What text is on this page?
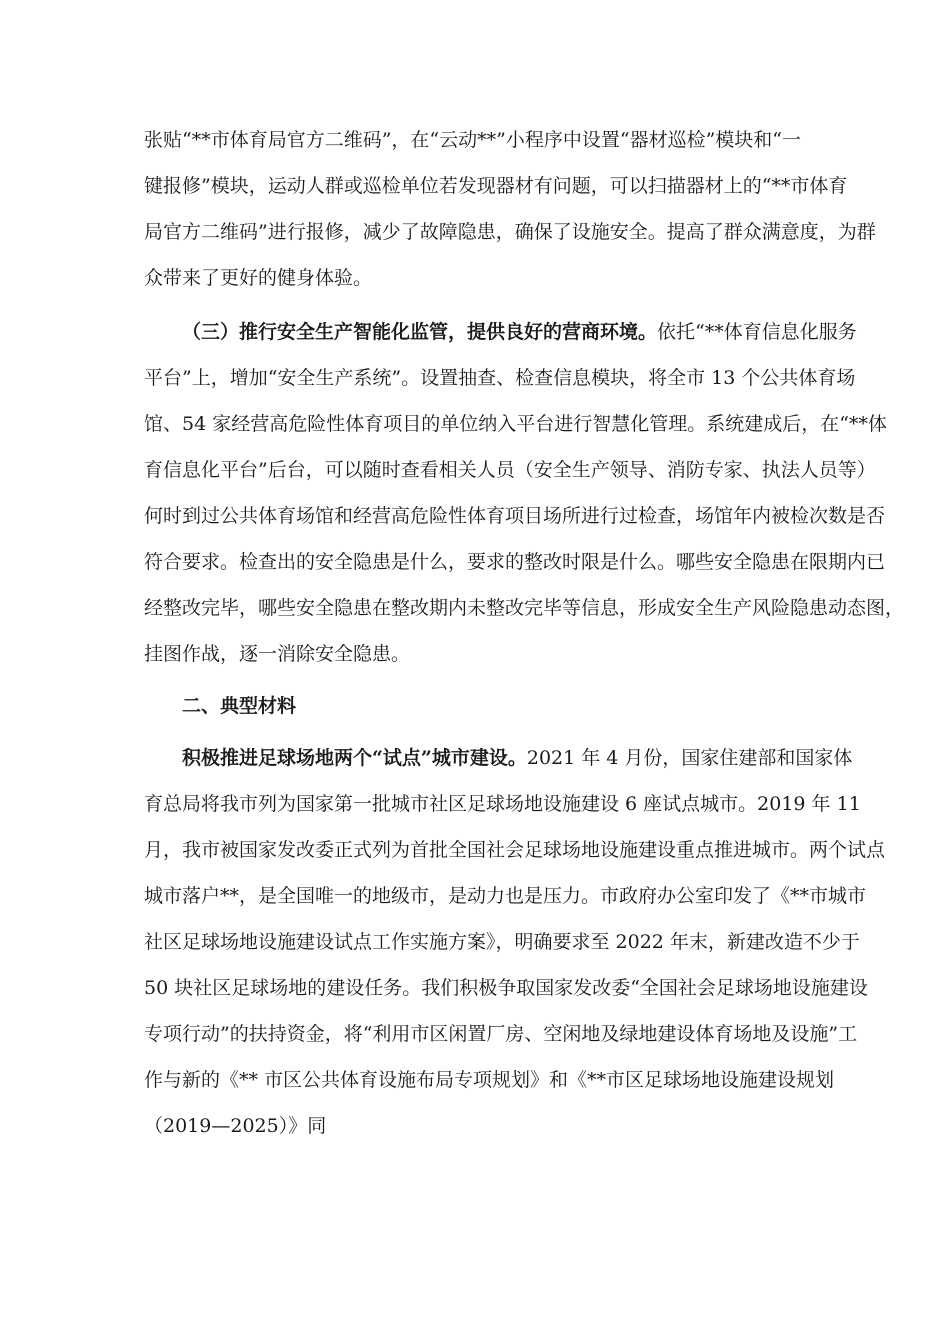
张贴“**市体育局官方二维码”，在“云动**”小程序中设置“器材巡检”模块和“一
键报修”模块，运动人群或巡检单位若发现器材有问题，可以扫描器材上的“**市体育
局官方二维码”进行报修，减少了故障隐患，确保了设施安全。提高了群众满意度，为群
众带来了更好的健身体验。
（三）推行安全生产智能化监管，提供良好的营商环境。依托“**体育信息化服务
平台”上，增加“安全生产系统”。设置抽查、检查信息模块，将全市 13 个公共体育场
馆、54 家经营高危险性体育项目的单位纳入平台进行智慧化管理。系统建成后，在“**体
育信息化平台”后台，可以随时查看相关人员（安全生产领导、消防专家、执法人员等）
何时到过公共体育场馆和经营高危险性体育项目场所进行过检查，场馆年内被检次数是否
符合要求。检查出的安全隐患是什么，要求的整改时限是什么。哪些安全隐患在限期内已
经整改完毕，哪些安全隐患在整改期内未整改完毕等信息，形成安全生产风险隐患动态图，
挂图作战，逐一消除安全隐患。
二、典型材料
积极推进足球场地两个“试点”城市建设。2021 年 4 月份，国家住建部和国家体
育总局将我市列为国家第一批城市社区足球场地设施建设 6 座试点城市。2019 年 11
月，我市被国家发改委正式列为首批全国社会足球场地设施建设重点推进城市。两个试点
城市落户**，是全国唯一的地级市，是动力也是压力。市政府办公室印发了《**市城市
社区足球场地设施建设试点工作实施方案》，明确要求至 2022 年末，新建改造不少于
50 块社区足球场地的建设任务。我们积极争取国家发改委“全国社会足球场地设施建设
专项行动”的扶持资金，将“利用市区闲置厂房、空闲地及绿地建设体育场地及设施”工
作与新的《** 市区公共体育设施布局专项规划》和《**市区足球场地设施建设规划
（2019—2025）》同
